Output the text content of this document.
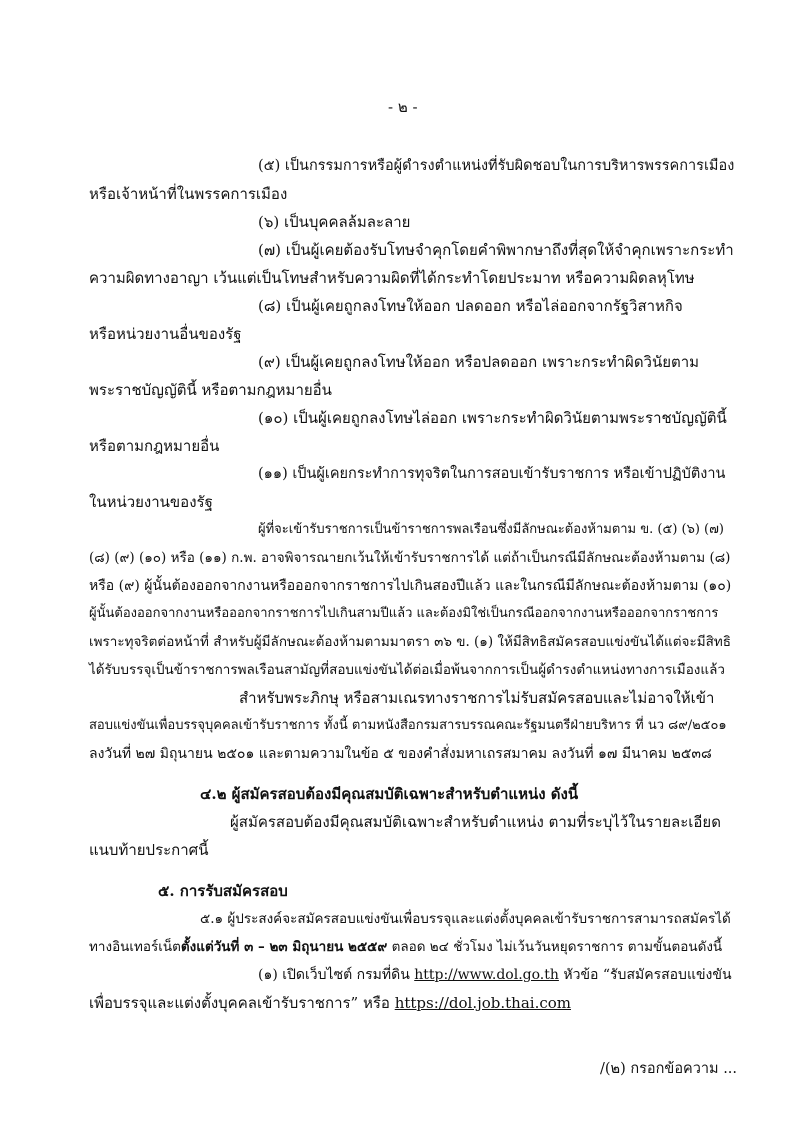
- ๒ -
(๕) เป็นกรรมการหรือผู้ดำรงตำแหน่งที่รับผิดชอบในการบริหารพรรคการเมือง
หรือเจ้าหน้าที่ในพรรคการเมือง
(๖) เป็นบุคคลล้มละลาย
(๗) เป็นผู้เคยต้องรับโทษจำคุกโดยคำพิพากษาถึงที่สุดให้จำคุกเพราะกระทำ
ความผิดทางอาญา เว้นแต่เป็นโทษสำหรับความผิดที่ได้กระทำโดยประมาท หรือความผิดลหุโทษ
(๘) เป็นผู้เคยถูกลงโทษให้ออก ปลดออก หรือไล่ออกจากรัฐวิสาหกิจ
หรือหน่วยงานอื่นของรัฐ
(๙) เป็นผู้เคยถูกลงโทษให้ออก หรือปลดออก เพราะกระทำผิดวินัยตาม
พระราชบัญญัตินี้ หรือตามกฎหมายอื่น
(๑๐) เป็นผู้เคยถูกลงโทษไล่ออก เพราะกระทำผิดวินัยตามพระราชบัญญัตินี้
หรือตามกฎหมายอื่น
(๑๑) เป็นผู้เคยกระทำการทุจริตในการสอบเข้ารับราชการ หรือเข้าปฏิบัติงาน
ในหน่วยงานของรัฐ
ผู้ที่จะเข้ารับราชการเป็นข้าราชการพลเรือนซึ่งมีลักษณะต้องห้ามตาม ข. (๕) (๖) (๗)
(๘) (๙) (๑๐) หรือ (๑๑) ก.พ. อาจพิจารณายกเว้นให้เข้ารับราชการได้ แต่ถ้าเป็นกรณีมีลักษณะต้องห้ามตาม (๘)
หรือ (๙) ผู้นั้นต้องออกจากงานหรือออกจากราชการไปเกินสองปีแล้ว และในกรณีมีลักษณะต้องห้ามตาม (๑๐)
ผู้นั้นต้องออกจากงานหรือออกจากราชการไปเกินสามปีแล้ว และต้องมิใช่เป็นกรณีออกจากงานหรือออกจากราชการ
เพราะทุจริตต่อหน้าที่ สำหรับผู้มีลักษณะต้องห้ามตามมาตรา ๓๖ ข. (๑) ให้มีสิทธิสมัครสอบแข่งขันได้แต่จะมีสิทธิ
ได้รับบรรจุเป็นข้าราชการพลเรือนสามัญที่สอบแข่งขันได้ต่อเมื่อพ้นจากการเป็นผู้ดำรงตำแหน่งทางการเมืองแล้ว
สำหรับพระภิกษุ หรือสามเณรทางราชการไม่รับสมัครสอบและไม่อาจให้เข้า
สอบแข่งขันเพื่อบรรจุบุคคลเข้ารับราชการ ทั้งนี้ ตามหนังสือกรมสารบรรณคณะรัฐมนตรีฝ่ายบริหาร ที่ นว ๘๙/๒๕๐๑
ลงวันที่ ๒๗ มิถุนายน ๒๕๐๑ และตามความในข้อ ๕ ของคำสั่งมหาเถรสมาคม ลงวันที่ ๑๗ มีนาคม ๒๕๓๘
๔.๒ ผู้สมัครสอบต้องมีคุณสมบัติเฉพาะสำหรับตำแหน่ง ดังนี้
ผู้สมัครสอบต้องมีคุณสมบัติเฉพาะสำหรับตำแหน่ง ตามที่ระบุไว้ในรายละเอียด
แนบท้ายประกาศนี้
๕. การรับสมัครสอบ
๕.๑ ผู้ประสงค์จะสมัครสอบแข่งขันเพื่อบรรจุและแต่งตั้งบุคคลเข้ารับราชการสามารถสมัครได้
ทางอินเทอร์เน็ตตั้งแต่วันที่ ๓ – ๒๓ มิถุนายน ๒๕๕๙ ตลอด ๒๔ ชั่วโมง ไม่เว้นวันหยุดราชการ ตามขั้นตอนดังนี้
(๑) เปิดเว็บไซต์ กรมที่ดิน http://www.dol.go.th หัวข้อ “รับสมัครสอบแข่งขัน
เพื่อบรรจุและแต่งตั้งบุคคลเข้ารับราชการ” หรือ https://dol.job.thai.com
/(๒) กรอกข้อความ ...
